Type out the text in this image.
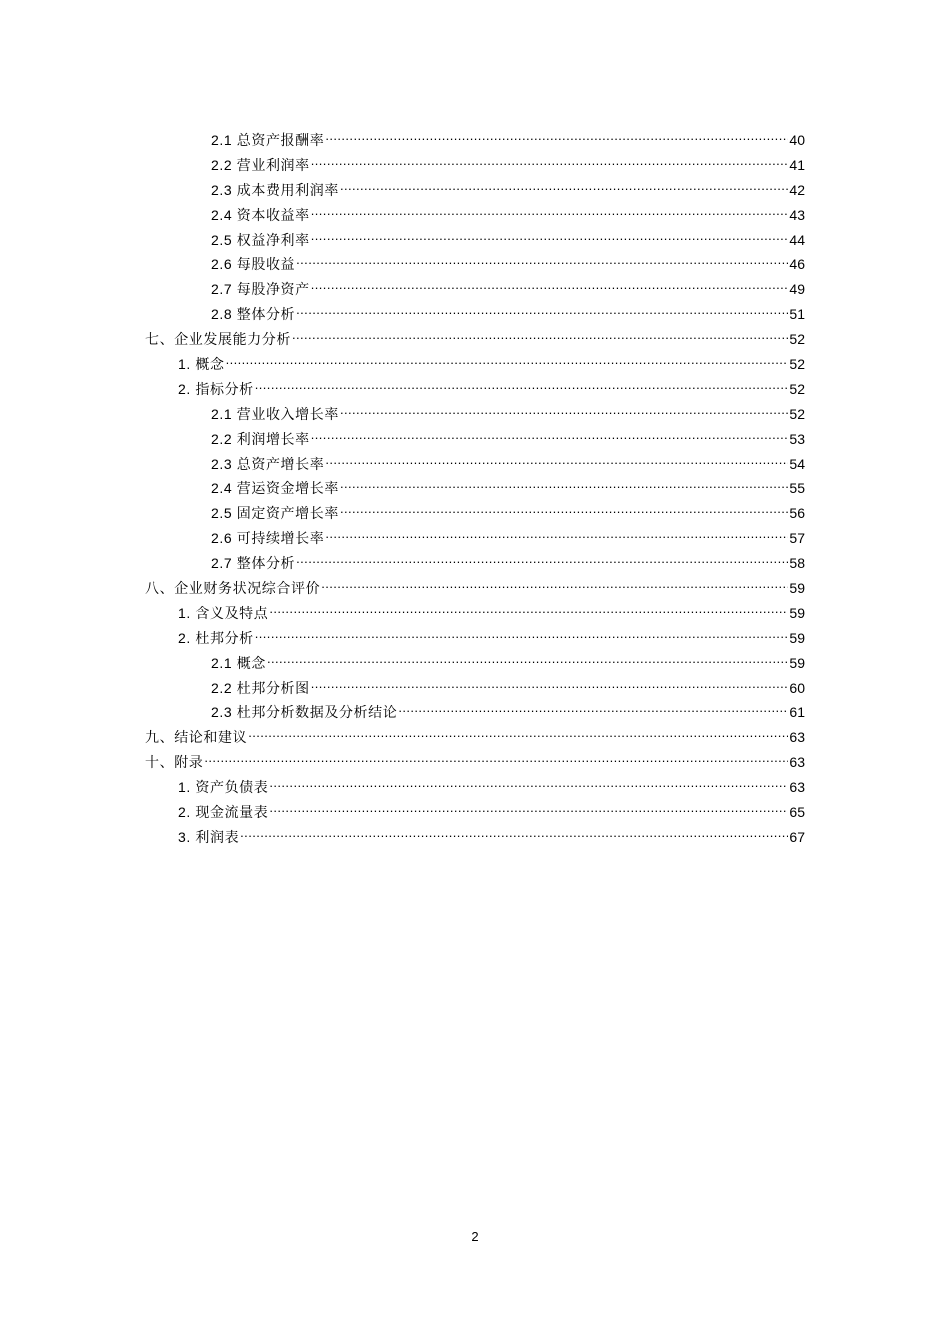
2.1 总资产报酬率 .....	40
2.2 营业利润率 .....	41
2.3 成本费用利润率 .....	42
2.4 资本收益率 .....	43
2.5 权益净利率 .....	44
2.6 每股收益 .....	46
2.7 每股净资产 .....	49
2.8 整体分析 .....	51
七、企业发展能力分析 .....	52
1. 概念 .....	52
2. 指标分析 .....	52
2.1 营业收入增长率 .....	52
2.2 利润增长率 .....	53
2.3 总资产增长率 .....	54
2.4 营运资金增长率 .....	55
2.5 固定资产增长率 .....	56
2.6 可持续增长率 .....	57
2.7 整体分析 .....	58
八、企业财务状况综合评价 .....	59
1. 含义及特点 .....	59
2. 杜邦分析 .....	59
2.1 概念 .....	59
2.2 杜邦分析图 .....	60
2.3 杜邦分析数据及分析结论 .....	61
九、结论和建议 .....	63
十、附录 .....	63
1. 资产负债表 .....	63
2. 现金流量表 .....	65
3. 利润表 .....	67
2
